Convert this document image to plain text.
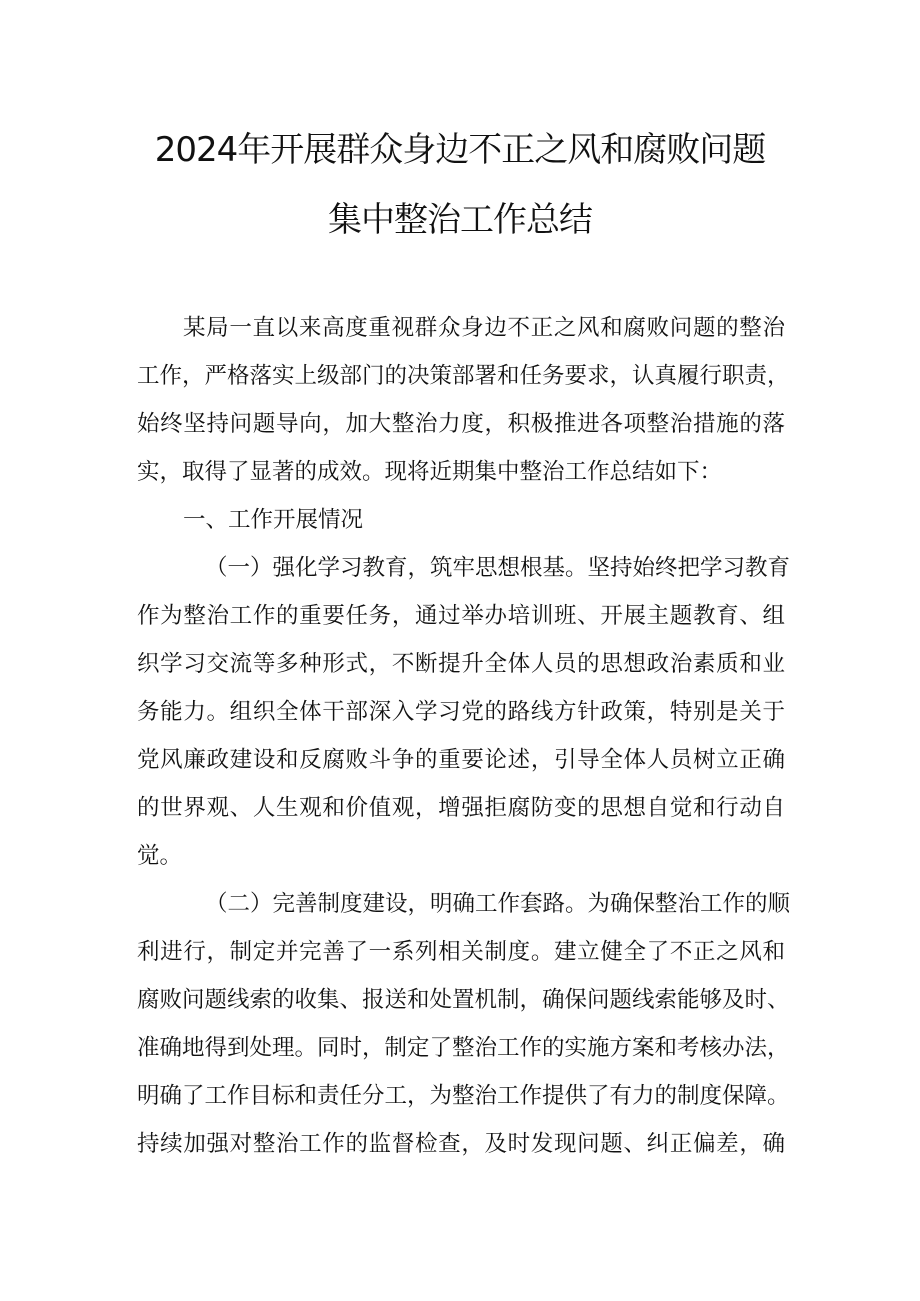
2024年开展群众身边不正之风和腐败问题
集中整治工作总结
某局一直以来高度重视群众身边不正之风和腐败问题的整治
工作，严格落实上级部门的决策部署和任务要求，认真履行职责，
始终坚持问题导向，加大整治力度，积极推进各项整治措施的落
实，取得了显著的成效。现将近期集中整治工作总结如下：
一、工作开展情况
（一）强化学习教育，筑牢思想根基。坚持始终把学习教育
作为整治工作的重要任务，通过举办培训班、开展主题教育、组
织学习交流等多种形式，不断提升全体人员的思想政治素质和业
务能力。组织全体干部深入学习党的路线方针政策，特别是关于
党风廉政建设和反腐败斗争的重要论述，引导全体人员树立正确
的世界观、人生观和价值观，增强拒腐防变的思想自觉和行动自
觉。
（二）完善制度建设，明确工作套路。为确保整治工作的顺
利进行，制定并完善了一系列相关制度。建立健全了不正之风和
腐败问题线索的收集、报送和处置机制，确保问题线索能够及时、
准确地得到处理。同时，制定了整治工作的实施方案和考核办法，
明确了工作目标和责任分工，为整治工作提供了有力的制度保障。
持续加强对整治工作的监督检查，及时发现问题、纠正偏差，确
